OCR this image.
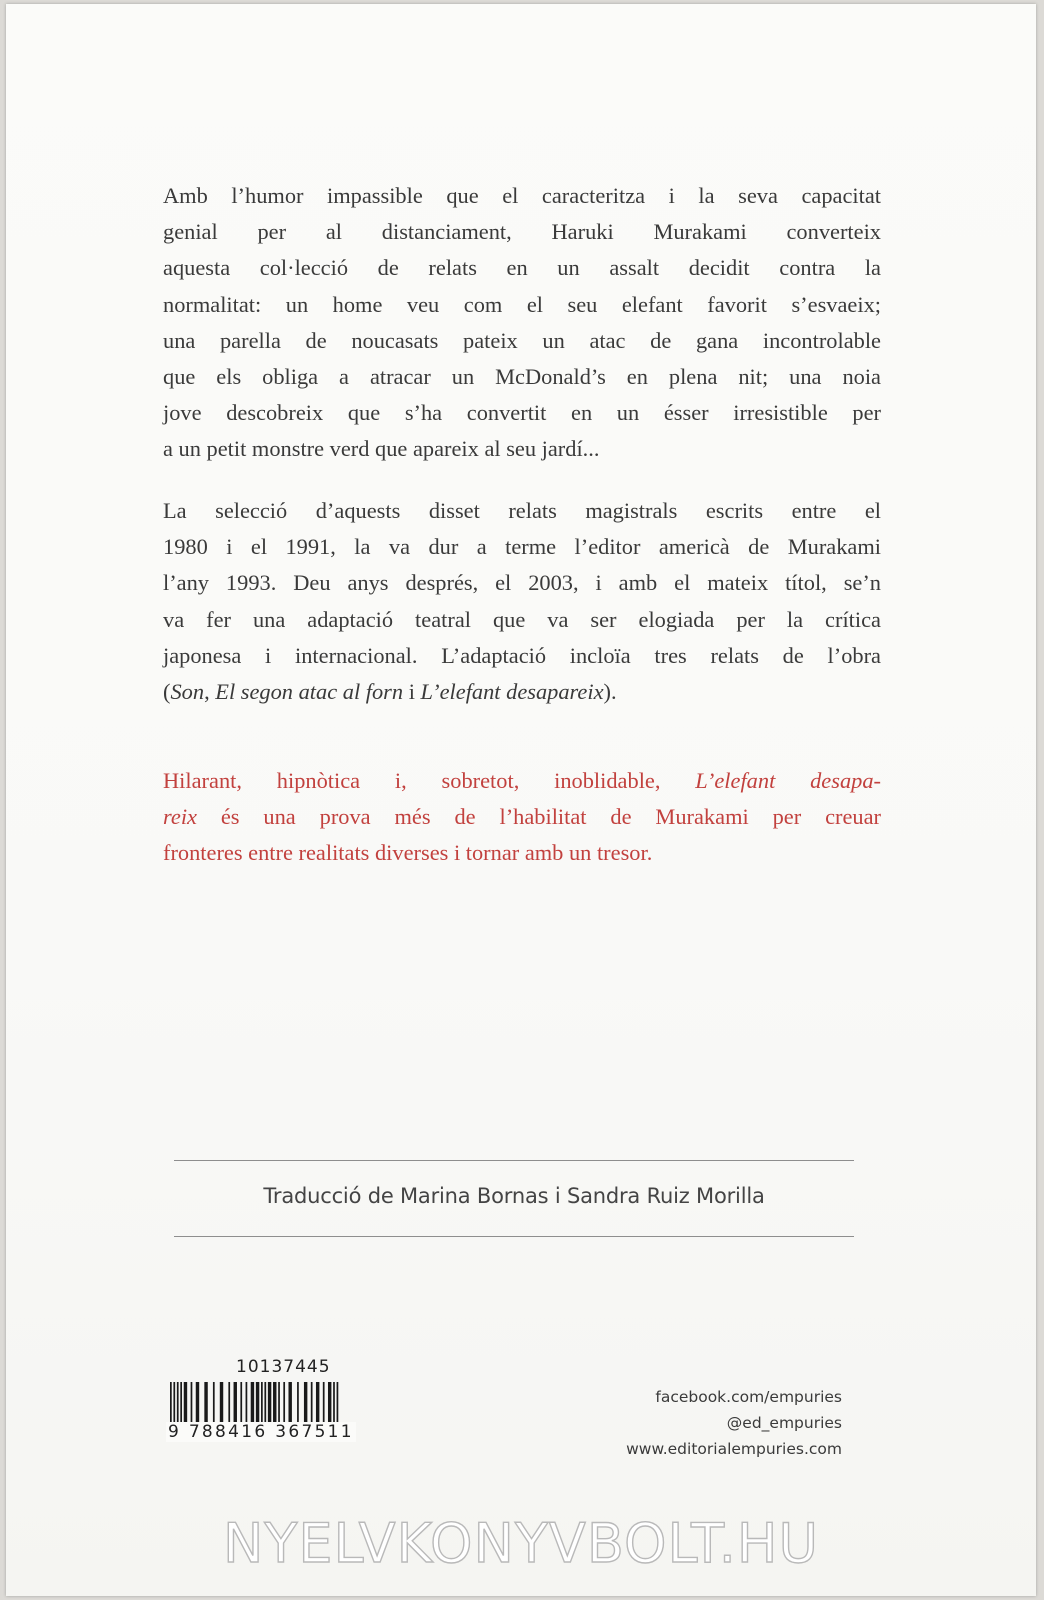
Amb l’humor impassible que el caracteritza i la seva capacitat
genial per al distanciament, Haruki Murakami converteix
aquesta col·lecció de relats en un assalt decidit contra la
normalitat: un home veu com el seu elefant favorit s’esvaeix;
una parella de noucasats pateix un atac de gana incontrolable
que els obliga a atracar un McDonald’s en plena nit; una noia
jove descobreix que s’ha convertit en un ésser irresistible per
a un petit monstre verd que apareix al seu jardí...
La selecció d’aquests disset relats magistrals escrits entre el
1980 i el 1991, la va dur a terme l’editor americà de Murakami
l’any 1993. Deu anys després, el 2003, i amb el mateix títol, se’n
va fer una adaptació teatral que va ser elogiada per la crítica
japonesa i internacional. L’adaptació incloïa tres relats de l’obra
(Son, El segon atac al forn i L’elefant desapareix).
Hilarant, hipnòtica i, sobretot, inoblidable, L’elefant desapa-
reix és una prova més de l’habilitat de Murakami per creuar
fronteres entre realitats diverses i tornar amb un tresor.
Traducció de Marina Bornas i Sandra Ruiz Morilla
10137445
9 788416 367511
facebook.com/empuries
@ed_empuries
www.editorialempuries.com
NYELVKONYVBOLT.HU
